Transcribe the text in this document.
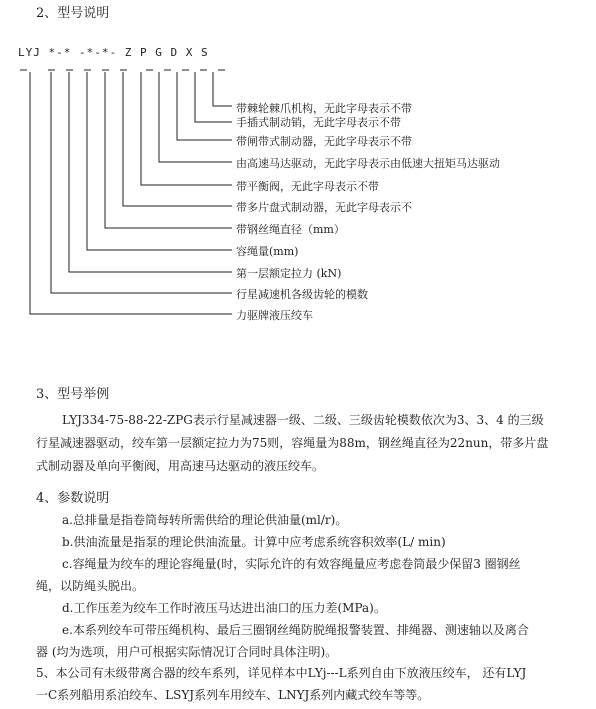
2、型号说明
LYJ *-* -*-*- Z P G D X S
带棘轮棘爪机构，无此字母表示不带
手插式制动销，无此字母表示不带
带闸带式制动器，无此字母表示不带
由高速马达驱动，无此字母表示由低速大扭矩马达驱动
带平衡阀，无此字母表示不带
带多片盘式制动器，无此字母表示不
带钢丝绳直径（mm）
容绳量(mm)
第一层额定拉力 (kN)
行星减速机各级齿轮的模数
力驱牌液压绞车
3、型号举例
LYJ334-75-88-22-ZPG表示行星减速器一级、二级、三级齿轮模数依次为3、3、4 的三级
行星减速器驱动，绞车第一层额定拉力为75则，容绳量为88m，钢丝绳直径为22nun，带多片盘
式制动器及单向平衡阀，用高速马达驱动的液压绞车。
4、参数说明
a.总排量是指卷筒每转所需供给的理论供油量(ml/r)。
b.供油流量是指泵的理论供油流量。计算中应考虑系统容积效率(L/ min)
c.容绳量为绞车的理论容绳量(时，实际允许的有效容绳量应考虑卷筒最少保留3 圈钢丝
绳，以防绳头脱出。
d.工作压差为绞车工作时液压马达进出油口的压力差(MPa)。
e.本系列绞车可带压绳机构、最后三圈钢丝绳防脱绳报警装置、排绳器、测速轴以及离合
器 (均为选项，用户可根据实际情况订合同时具体注明)。
5、本公司有未级带离合器的绞车系列，详见样本中LYj---L系列自由下放液压绞车， 还有LYJ
一C系列船用系泊绞车、LSYJ系列车用绞车、LNYJ系列内藏式绞车等等。
